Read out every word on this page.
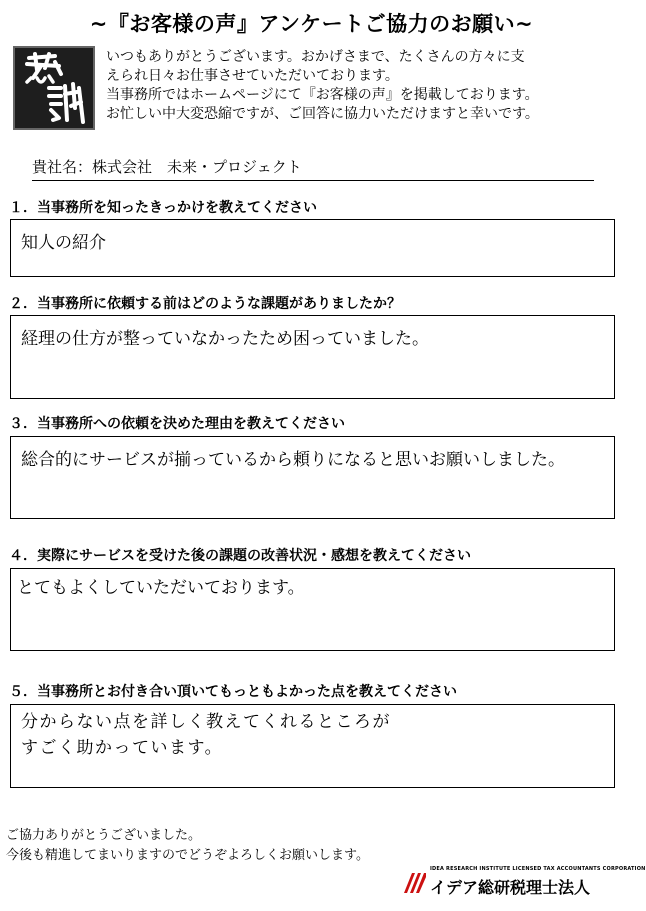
~『お客様の声』アンケートご協力のお願い~
いつもありがとうございます。おかげさまで、たくさんの方々に支
えられ日々お仕事させていただいております。
当事務所ではホームページにて『お客様の声』を掲載しております。
お忙しい中大変恐縮ですが、ご回答に協力いただけますと幸いです。
貴社名：株式会社　未来・プロジェクト
１．当事務所を知ったきっかけを教えてください
知人の紹介
２．当事務所に依頼する前はどのような課題がありましたか？
経理の仕方が整っていなかったため困っていました。
３．当事務所への依頼を決めた理由を教えてください
総合的にサービスが揃っているから頼りになると思いお願いしました。
４．実際にサービスを受けた後の課題の改善状況・感想を教えてください
とてもよくしていただいております。
５．当事務所とお付き合い頂いてもっともよかった点を教えてください
分からない点を詳しく教えてくれるところが
すごく助かっています。
ご協力ありがとうございました。
今後も精進してまいりますのでどうぞよろしくお願いします。
IDEA RESEARCH INSTITUTE LICENSED TAX ACCOUNTANTS CORPORATION
イデア総研税理士法人
